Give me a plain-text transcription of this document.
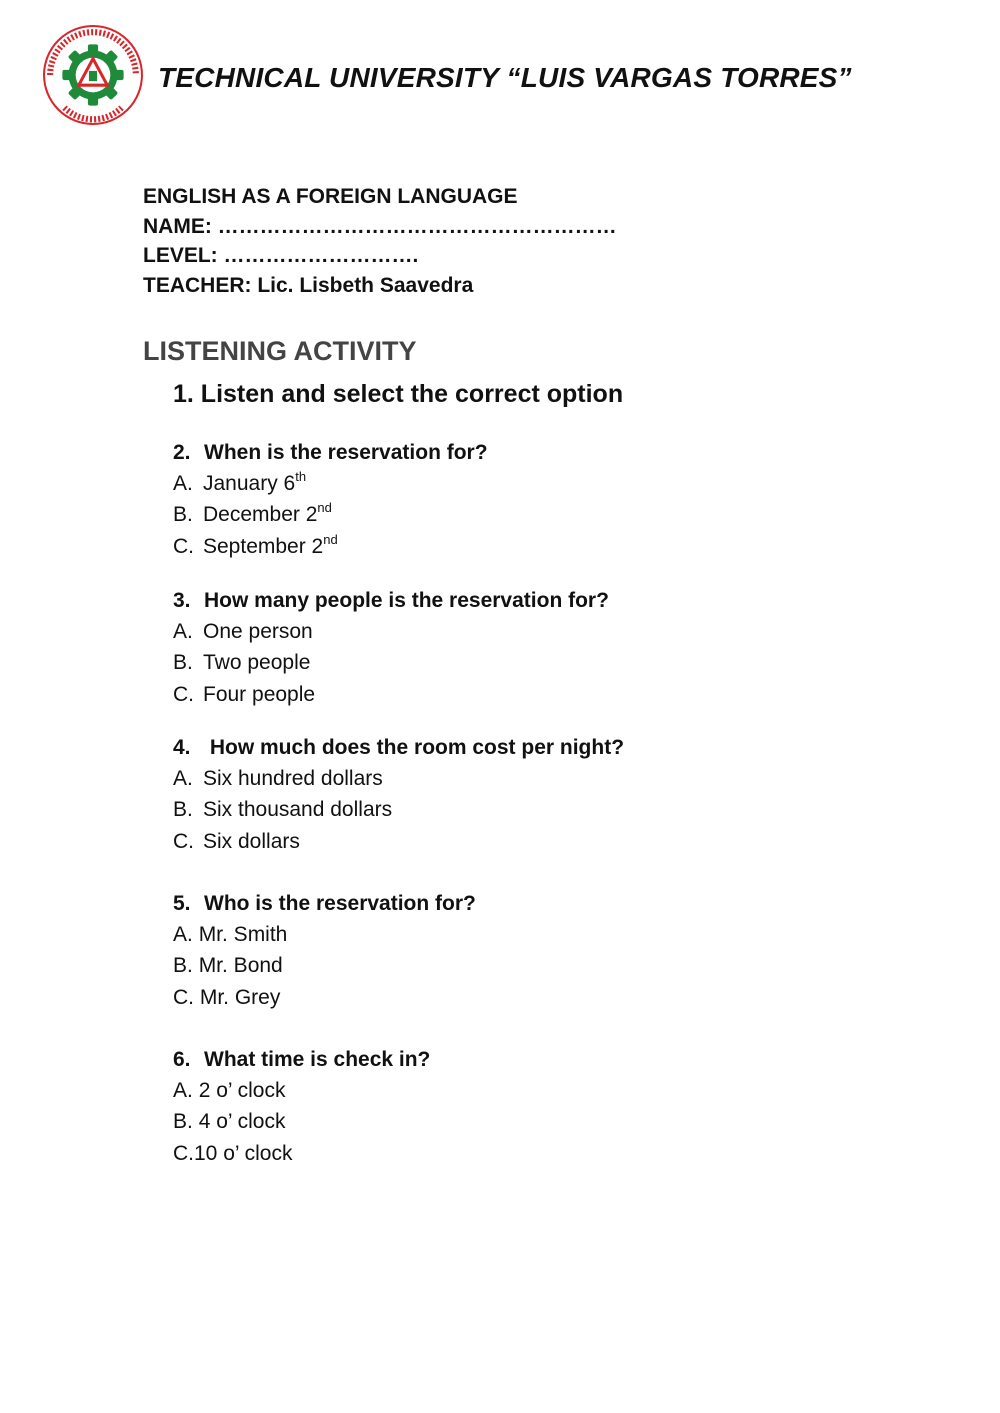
TECHNICAL UNIVERSITY “LUIS VARGAS TORRES”
ENGLISH AS A FOREIGN LANGUAGE
NAME: …………………………………………………
LEVEL: ……………………….
TEACHER: Lic. Lisbeth Saavedra
LISTENING ACTIVITY
1. Listen and select the correct option
2. When is the reservation for?
A. January 6th
B. December 2nd
C. September 2nd
3. How many people is the reservation for?
A. One person
B. Two people
C. Four people
4. How much does the room cost per night?
A. Six hundred dollars
B. Six thousand dollars
C. Six dollars
5. Who is the reservation for?
A. Mr. Smith
B. Mr. Bond
C. Mr. Grey
6. What time is check in?
A. 2 o’ clock
B. 4 o’ clock
C.10 o’ clock
